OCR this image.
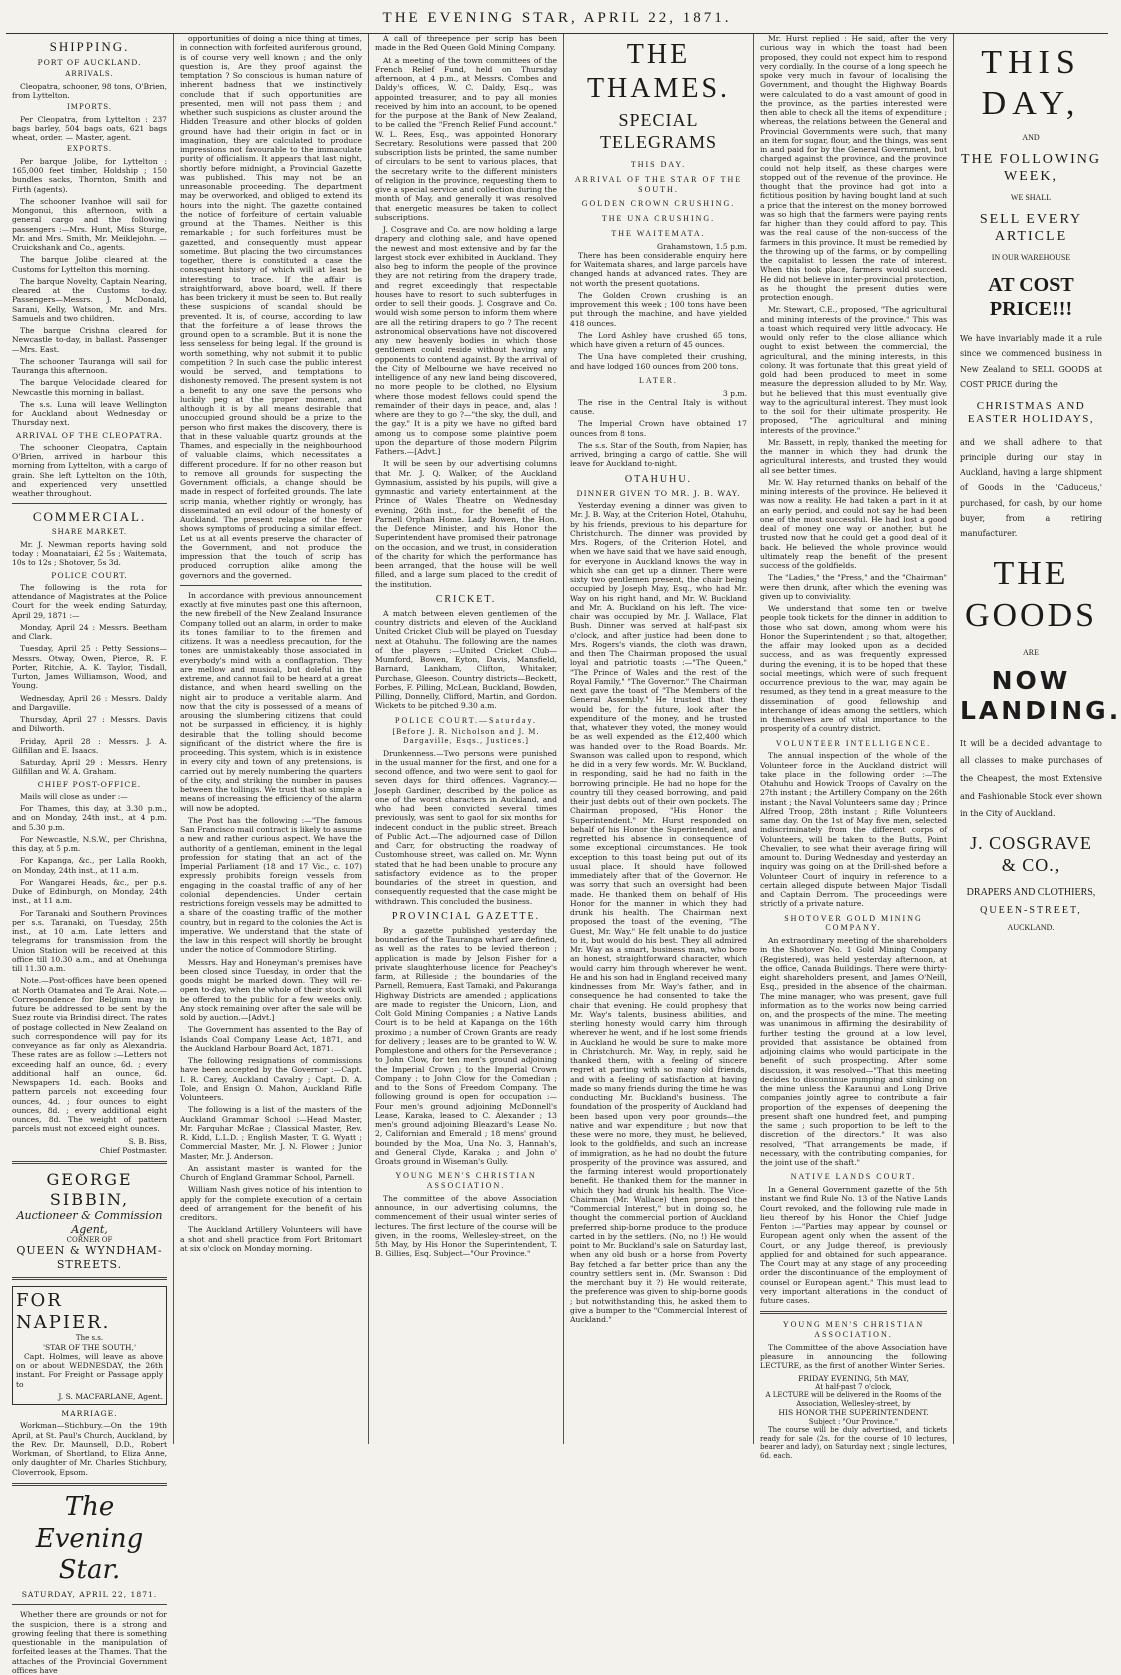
THE EVENING STAR, APRIL 22, 1871.
SHIPPING.
PORT OF AUCKLAND.
ARRIVALS.

Cleopatra, schooner, 98 tons, O'Brien, from Lyttelton.

IMPORTS.

Per Cleopatra, from Lyttelton : 237 bags barley, 504 bags oats, 621 bags wheat, order. — Master, agent.

EXPORTS.

Per barque Jolibe, for Lyttelton : 165,000 feet timber, Holdship ; 150 bundles sacks, Thornton, Smith and Firth (agents).

The schooner Ivanhoe will sail for Mongonui, this afternoon, with a general cargo and the following passengers :—Mrs. Hunt, Miss Sturge, Mr. and Mrs. Smith, Mr. Meiklejohn. —Cruickshank and Co., agents.

The barque Jolibe cleared at the Customs for Lyttelton this morning.

The barque Novelty, Captain Nearing, cleared at the Customs to-day. Passengers—Messrs. J. McDonald, Sarani, Kelly, Watson, Mr. and Mrs. Samuels and two children.

The barque Crishna cleared for Newcastle to-day, in ballast. Passenger—Mrs. East.

The schooner Tauranga will sail for Tauranga this afternoon.

The barque Velocidade cleared for Newcastle this morning in ballast.

The s.s. Luna will leave Wellington for Auckland about Wednesday or Thursday next.

ARRIVAL OF THE CLEOPATRA.

The schooner Cleopatra, Captain O'Brien, arrived in harbour this morning from Lyttelton, with a cargo of grain. She left Lyttelton on the 10th, and experienced very unsettled weather throughout.

COMMERCIAL.
SHARE MARKET.

Mr. J. Newman reports having sold today : Moanataiari, £2 5s ; Waitemata, 10s to 12s ; Shotover, 5s 3d.

POLICE COURT.

The following is the rota for attendance of Magistrates at the Police Court for the week ending Saturday, April 29, 1871 :—

Monday, April 24 : Messrs. Beetham and Clark.

Tuesday, April 25 : Petty Sessions—Messrs. Otway, Owen, Pierce, R. F. Porter, Ritchie, A. K. Taylor, Tisdall, Turton, James Williamson, Wood, and Young.

Wednesday, April 26 : Messrs. Daldy and Dargaville.

Thursday, April 27 : Messrs. Davis and Dilworth.

Friday, April 28 : Messrs. J. A. Gilfillan and E. Isaacs.

Saturday, April 29 : Messrs. Henry Gilfillan and W. A. Graham.

CHIEF POST-OFFICE.

Mails will close as under :—

For Thames, this day, at 3.30 p.m., and on Monday, 24th inst., at 4 p.m. and 5.30 p.m.

For Newcastle, N.S.W., per Chrishna, this day, at 5 p.m.

For Kapanga, &c., per Lalla Rookh, on Monday, 24th inst., at 11 a.m.

For Wangarei Heads, &c., per p.s. Duke of Edinburgh, on Monday, 24th inst., at 11 a.m.

For Taranaki and Southern Provinces per s.s. Taranaki, on Tuesday, 25th inst., at 10 a.m. Late letters and telegrams for transmission from the Union Station will be received at this office till 10.30 a.m., and at Onehunga till 11.30 a.m.

Note.—Post-offices have been opened at North Otamatea and Te Arai. Note.—Correspondence for Belgium may in future be addressed to be sent by the Suez route via Brindisi direct. The rates of postage collected in New Zealand on such correspondence will pay for its conveyance as far only as Alexandria. These rates are as follow :—Letters not exceeding half an ounce, 6d. ; every additional half an ounce, 6d. Newspapers 1d. each. Books and pattern parcels not exceeding four ounces, 4d. ; four ounces to eight ounces, 8d. ; every additional eight ounces, 8d. The weight of pattern parcels must not exceed eight ounces.

S. B. Biss,
Chief Postmaster.
GEORGE SIBBIN,
Auctioneer & Commission Agent,
CORNER OF
QUEEN & WYNDHAM-STREETS.
FOR NAPIER.
The s.s.
'STAR OF THE SOUTH,'

Capt. Holmes, will leave as above on or about WEDNESDAY, the 26th instant. For Freight or Passage apply to

J. S. MACFARLANE, Agent.
MARRIAGE.

Workman—Stichbury.—On the 19th April, at St. Paul's Church, Auckland, by the Rev. Dr. Maunsell, D.D., Robert Workman, of Shortland, to Eliza Anne, only daughter of Mr. Charles Stichbury, Cloverrook, Epsom.

The Evening Star.
SATURDAY, APRIL 22, 1871.

Whether there are grounds or not for the suspicion, there is a strong and growing feeling that there is something questionable in the manipulation of forfeited leases at the Thames. That the attaches of the Provincial Government offices have

opportunities of doing a nice thing at times, in connection with forfeited auriferous ground, is of course very well known ; and the only question is, Are they proof against the temptation ? So conscious is human nature of inherent badness that we instinctively conclude that if such opportunities are presented, men will not pass them ; and whether such suspicions as cluster around the Hidden Treasure and other blocks of golden ground have had their origin in fact or in imagination, they are calculated to produce impressions not favourable to the immaculate purity of officialism. It appears that last night, shortly before midnight, a Provincial Gazette was published. This may not be an unreasonable proceeding. The department may be overworked, and obliged to extend its hours into the night. The gazette contained the notice of forfeiture of certain valuable ground at the Thames. Neither is this remarkable ; for such forfeitures must be gazetted, and consequently must appear sometime. But placing the two circumstances together, there is constituted a case the consequent history of which will at least be interesting to trace. If the affair is straightforward, above board, well. If there has been trickery it must be seen to. But really these suspicions of scandal should be prevented. It is, of course, according to law that the forfeiture a of lease throws the ground open to a scramble. But it is none the less senseless for being legal. If the ground is worth something, why not submit it to public competition ? In such case the public interest would be served, and temptations to dishonesty removed. The present system is not a benefit to any one save the persons who luckily peg at the proper moment, and although it is by all means desirable that unoccupied ground should be a prize to the person who first makes the discovery, there is that in these valuable quartz grounds at the Thames, and especially in the neighbourhood of valuable claims, which necessitates a different procedure. If for no other reason but to remove all grounds for suspecting the Government officials, a change should be made in respect of forfeited grounds. The late scrip mania, whether rightly or wrongly, has disseminated an evil odour of the honesty of Auckland. The present relapse of the fever shows symptoms of producing a similar effect. Let us at all events preserve the character of the Government, and not produce the impression that the touch of scrip has produced corruption alike among the governors and the governed.

In accordance with previous announcement exactly at five minutes past one this afternoon, the new firebell of the New Zealand Insurance Company tolled out an alarm, in order to make its tones familiar to to the firemen and citizens. It was a needless precaution, for the tones are unmistakeably those associated in everybody's mind with a conflagration. They are mellow and musical, but doleful in the extreme, and cannot fail to be heard at a great distance, and when heard swelling on the night air to produce a veritable alarm. And now that the city is possessed of a means of arousing the slumbering citizens that could not be surpassed in efficiency, it is highly desirable that the tolling should become significant of the district where the fire is proceeding. This system, which is in existence in every city and town of any pretensions, is carried out by merely numbering the quarters of the city, and striking the number in pauses between the tollings. We trust that so simple a means of increasing the efficiency of the alarm will now be adopted.

The Post has the following :—"The famous San Francisco mail contract is likely to assume a new and rather curious aspect. We have the authority of a gentleman, eminent in the legal profession for stating that an act of the Imperial Parliament (18 and 17 Vic., c. 107) expressly prohibits foreign vessels from engaging in the coastal traffic of any of her colonial dependencies. Under certain restrictions foreign vessels may be admitted to a share of the coasting traffic of the mother country, but in regard to the colonies the Act is imperative. We understand that the state of the law in this respect will shortly be brought under the notice of Commodore Stirling.

Messrs. Hay and Honeyman's premises have been closed since Tuesday, in order that the goods might be marked down. They will re-open to-day, when the whole of their stock will be offered to the public for a few weeks only. Any stock remaining over after the sale will be sold by auction.—[Advt.]

The Government has assented to the Bay of Islands Coal Company Lease Act, 1871, and the Auckland Harbour Board Act, 1871.

The following resignations of commissions have been accepted by the Governor :—Capt. I. R. Carey, Auckland Cavalry ; Capt. D. A. Tole, and Ensign O. Mahon, Auckland Rifle Volunteers.

The following is a list of the masters of the Auckland Grammar School :—Head Master, Mr. Farquhar McRae ; Classical Master, Rev. R. Kidd, L.L.D. ; English Master, T. G. Wyatt ; Commercial Master, Mr. J. N. Flower ; Junior Master, Mr. J. Anderson.

An assistant master is wanted for the Church of England Grammar School, Parnell.

William Nash gives notice of his intention to apply for the complete execution of a certain deed of arrangement for the benefit of his creditors.

The Auckland Artillery Volunteers will have a shot and shell practice from Fort Britomart at six o'clock on Monday morning.

A call of threepence per scrip has been made in the Red Queen Gold Mining Company.

At a meeting of the town committees of the French Relief Fund, held on Thursday afternoon, at 4 p.m., at Messrs. Combes and Daldy's offices, W. C. Daldy, Esq., was appointed treasurer, and to pay all monies received by him into an account, to be opened for the purpose at the Bank of New Zealand, to be called the "French Relief Fund account." W. L. Rees, Esq., was appointed Honorary Secretary. Resolutions were passed that 200 subscription lists be printed, the same number of circulars to be sent to various places, that the secretary write to the different ministers of religion in the province, requesting them to give a special service and collection during the month of May, and generally it was resolved that energetic measures be taken to collect subscriptions.

J. Cosgrave and Co. are now holding a large drapery and clothing sale, and have opened the newest and most extensive and by far the largest stock ever exhibited in Auckland. They also beg to inform the people of the province they are not retiring from the drapery trade, and regret exceedingly that respectable houses have to resort to such subterfuges in order to sell their goods. J. Cosgrave and Co. would wish some person to inform them where are all the retiring drapers to go ? The recent astronomical observations have not discovered any new heavenly bodies in which those gentlemen could reside without having any opponents to contend against. By the arrival of the City of Melbourne we have received no intelligence of any new land being discovered, no more people to be clothed, no Elysium where those modest fellows could spend the remainder of their days in peace, and, alas ! where are they to go ?—"the sky, the dull, and the gay." It is a pity we have no gifted bard among us to compose some plaintive poem upon the departure of those modern Pilgrim Fathers.—[Advt.]

It will be seen by our advertising columns that Mr. J. Q. Walker, of the Auckland Gymnasium, assisted by his pupils, will give a gymnastic and variety entertainment at the Prince of Wales Theatre on Wednesday evening, 26th inst., for the benefit of the Parnell Orphan Home. Lady Bowen, the Hon. the Defence Minister, and his Honor the Superintendent have promised their patronage on the occasion, and we trust, in consideration of the charity for which the performance has been arranged, that the house will be well filled, and a large sum placed to the credit of the institution.

CRICKET.

A match between eleven gentlemen of the country districts and eleven of the Auckland United Cricket Club will be played on Tuesday next at Otahuhu. The following are the names of the players :—United Cricket Club—Mumford, Bowen, Eyton, Davis, Mansfield, Barnard, Lankham, Clifton, Whitaker, Purchase, Gleeson. Country districts—Beckett, Forbes, F. Pilling, McLean, Buckland, Bowden, Pilling, Donnelly, Clifford, Martin, and Gordon. Wickets to be pitched 9.30 a.m.

POLICE COURT.—Saturday.
[Before J. R. Nicholson and J. M. Dargaville, Esqs., Justices.]

Drunkenness.—Two persons were punished in the usual manner for the first, and one for a second offence, and two were sent to gaol for seven days for third offences. Vagrancy.—Joseph Gardiner, described by the police as one of the worst characters in Auckland, and who had been convicted several times previously, was sent to gaol for six months for indecent conduct in the public street. Breach of Public Act.—The adjourned case of Dillon and Carr, for obstructing the roadway of Customhouse street, was called on. Mr. Wynn stated that he had been unable to procure any satisfactory evidence as to the proper boundaries of the street in question, and consequently requested that the case might be withdrawn. This concluded the business.

PROVINCIAL GAZETTE.

By a gazette published yesterday the boundaries of the Tauranga wharf are defined, as well as the rates to be levied thereon ; application is made by Jelson Fisher for a private slaughterhouse licence for Peachey's farm, at Rilleside ; the boundaries of the Parnell, Remuera, East Tamaki, and Pakuranga Highway Districts are amended ; applications are made to register the Unicorn, Lion, and Colt Gold Mining Companies ; a Native Lands Court is to be held at Kapanga on the 16th proximo ; a number of Crown Grants are ready for delivery ; leases are to be granted to W. W. Pomplestone and others for the Perseverance ; to John Clow, for ten men's ground adjoining the Imperial Crown ; to the Imperial Crown Company ; to John Clow for the Comedian ; and to the Sons of Freedom Company. The following ground is open for occupation :—Four men's ground adjoining McDonnell's Lease, Karaka, leased to C. Alexander ; 13 men's ground adjoining Bleazard's Lease No. 2, Californian and Emerald ; 18 mens' ground bounded by the Moa, Una No. 3, Hannah's, and General Clyde, Karaka ; and John o' Groats ground in Wiseman's Gully.

YOUNG MEN'S CHRISTIAN ASSOCIATION.

The committee of the above Association announce, in our advertising columns, the commencement of their usual winter series of lectures. The first lecture of the course will be given, in the rooms, Wellesley-street, on the 5th May, by His Honor the Superintendent, T. B. Gillies, Esq. Subject—"Our Province."

THE THAMES.
SPECIAL TELEGRAMS
THIS DAY.
ARRIVAL OF THE STAR OF THE SOUTH.
GOLDEN CROWN CRUSHING.
THE UNA CRUSHING.
THE WAITEMATA.
Grahamstown, 1.5 p.m.

There has been considerable enquiry here for Waitemata shares, and large parcels have changed hands at advanced rates. They are not worth the present quotations.

The Golden Crown crushing is an improvement this week ; 100 tons have been put through the machine, and have yielded 418 ounces.

The Lord Ashley have crushed 65 tons, which have given a return of 45 ounces.

The Una have completed their crushing, and have lodged 160 ounces from 200 tons.

LATER.
3 p.m.

The rise in the Central Italy is without cause.

The Imperial Crown have obtained 17 ounces from 8 tons.

The s.s. Star of the South, from Napier, has arrived, bringing a cargo of cattle. She will leave for Auckland to-night.

OTAHUHU.
DINNER GIVEN TO MR. J. B. WAY.

Yesterday evening a dinner was given to Mr. J. B. Way, at the Criterion Hotel, Otahuhu, by his friends, previous to his departure for Christchurch. The dinner was provided by Mrs. Rogers, of the Criterion Hotel, and when we have said that we have said enough, for everyone in Auckland knows the way in which she can get up a dinner. There were sixty two gentlemen present, the chair being occupied by Joseph May, Esq., who had Mr. Way on his right hand, and Mr. W. Buckland and Mr. A. Buckland on his left. The vice-chair was occupied by Mr. J. Wallace, Flat Bush. Dinner was served at half-past six o'clock, and after justice had been done to Mrs. Rogers's viands, the cloth was drawn, and then The Chairman proposed the usual loyal and patriotic toasts :—"The Queen," "The Prince of Wales and the rest of the Royal Family," "The Governor." The Chairman next gave the toast of "The Members of the General Assembly." He trusted that they would be, for the future, look after the expenditure of the money, and he trusted that, whatever they voted, the money would be as well expended as the £12,400 which was handed over to the Road Boards. Mr. Swanson was called upon to respond, which he did in a very few words. Mr. W. Buckland, in responding, said he had no faith in the borrowing principle. He had no hope for the country till they ceased borrowing, and paid their just debts out of their own pockets. The Chairman proposed, "His Honor the Superintendent." Mr. Hurst responded on behalf of his Honor the Superintendent, and regretted his absence in consequence of some exceptional circumstances. He took exception to this toast being put out of its usual place. It should have followed immediately after that of the Governor. He was sorry that such an oversight had been made. He thanked them on behalf of His Honor for the manner in which they had drunk his health. The Chairman next proposed the toast of the evening, "The Guest, Mr. Way." He felt unable to do justice to it, but would do his best. They all admired Mr. Way as a smart, business man, who bore an honest, straightforward character, which would carry him through wherever he went. He and his son had in England received many kindnesses from Mr. Way's father, and in consequence he had consented to take the chair that evening. He could prophesy that Mr. Way's talents, business abilities, and sterling honesty would carry him through wherever he went, and if he lost some friends in Auckland he would be sure to make more in Christchurch. Mr. Way, in reply, said he thanked them, with a feeling of sincere regret at parting with so many old friends, and with a feeling of satisfaction at having made so many friends during the time he was conducting Mr. Buckland's business. The foundation of the prosperity of Auckland had been based upon very poor grounds—the native and war expenditure ; but now that these were no more, they must, he believed, look to the goldfields, and such an increase of immigration, as he had no doubt the future prosperity of the province was assured, and the farming interest would proportionately benefit. He thanked them for the manner in which they had drunk his health. The Vice-Chairman (Mr. Wallace) then proposed the "Commercial Interest," but in doing so, he thought the commercial portion of Auckland preferred ship-borne produce to the produce carted in by the settlers. (No, no !) He would point to Mr. Buckland's sale on Saturday last, when any old bush or a horse from Poverty Bay fetched a far better price than any the country settlers sent in. (Mr. Swanson : Did the merchant buy it ?) He would reiterate, the preference was given to ship-borne goods ; but notwithstanding this, he asked them to give a bumper to the "Commercial Interest of Auckland."

Mr. Hurst replied : He said, after the very curious way in which the toast had been proposed, they could not expect him to respond very cordially. In the course of a long speech he spoke very much in favour of localising the Government, and thought the Highway Boards were calculated to do a vast amount of good in the province, as the parties interested were then able to check all the items of expenditure ; whereas, the relations between the General and Provincial Governments were such, that many an item for sugar, flour, and the things, was sent in and paid for by the General Government, but charged against the province, and the province could not help itself, as these charges were stopped out of the revenue of the province. He thought that the province had got into a fictitious position by having bought land at such a price that the interest on the money borrowed was so high that the farmers were paying rents far higher than they could afford to pay. This was the real cause of the non-success of the farmers in this province. It must be remedied by the throwing up of the farms, or by compelling the capitalist to lessen the rate of interest. When this took place, farmers would succeed. He did not believe in inter-provincial protection, as he thought the present duties were protection enough.

Mr. Stewart, C.E., proposed, "The agricultural and mining interests of the province." This was a toast which required very little advocacy. He would only refer to the close alliance which ought to exist between the commercial, the agricultural, and the mining interests, in this colony. It was fortunate that this great yield of gold had been produced to meet in some measure the depression alluded to by Mr. Way, but he believed that this must eventually give way to the agricultural interest. They must look to the soil for their ultimate prosperity. He proposed, "The agricultural and mining interests of the province."

Mr. Bassett, in reply, thanked the meeting for the manner in which they had drunk the agricultural interests, and trusted they would all see better times.

Mr. W. Hay returned thanks on behalf of the mining interests of the province. He believed it was now a reality. He had taken a part in it at an early period, and could not say he had been one of the most successful. He had lost a good deal of money one way or another, but he trusted now that he could get a good deal of it back. He believed the whole province would ultimately reap the benefit of the present success of the goldfields.

The "Ladies," the "Press," and the "Chairman" were then drunk, after which the evening was given up to conviviality.

We understand that some ten or twelve people took tickets for the dinner in addition to those who sat down, among whom were his Honor the Superintendent ; so that, altogether, the affair may looked upon as a decided success, and as was frequently expressed during the evening, it is to be hoped that these social meetings, which were of such frequent occurrence previous to the war, may again be resumed, as they tend in a great measure to the dissemination of good fellowship and interchange of ideas among the settlers, which in themselves are of vital importance to the prosperity of a country district.

VOLUNTEER INTELLIGENCE.

The annual inspection of the whole of the Volunteer force in the Auckland district will take place in the following order :—The Otahuhu and Howick Troops of Cavalry on the 27th instant ; the Artillery Company on the 26th instant ; the Naval Volunteers same day ; Prince Alfred Troop, 28th instant ; Rifle Volunteers same day. On the 1st of May five men, selected indiscriminately from the different corps of Volunteers, will be taken to the Butts, Point Chevalier, to see what their average firing will amount to. During Wednesday and yesterday an inquiry was going on at the Drill-shed before a Volunteer Court of inquiry in reference to a certain alleged dispute between Major Tisdall and Captain Derrom. The proceedings were strictly of a private nature.

SHOTOVER GOLD MINING COMPANY.

An extraordinary meeting of the shareholders in the Shotover No. 1 Gold Mining Company (Registered), was held yesterday afternoon, at the office, Canada Buildings. There were thirty-eight shareholders present, and James O'Neill, Esq., presided in the absence of the chairman. The mine manager, who was present, gave full information as to the works now being carried on, and the prospects of the mine. The meeting was unanimous in affirming the desirability of further testing the ground at a low level, provided that assistance be obtained from adjoining claims who would participate in the benefit of such prospecting. After some discussion, it was resolved—"That this meeting decides to discontinue pumping and sinking on the mine unless the Karaunui and Long Drive companies jointly agree to contribute a fair proportion of the expenses of deepening the present shaft one hundred feet, and pumping the same ; such proportion to be left to the discretion of the directors." It was also resolved, "That arrangements be made, if necessary, with the contributing companies, for the joint use of the shaft."

NATIVE LANDS COURT.

In a General Government gazette of the 5th instant we find Rule No. 13 of the Native Lands Court revoked, and the following rule made in lieu thereof by his Honor the Chief Judge Fenton :—"Parties may appear by counsel or European agent only when the assent of the Court, or any Judge thereof, is previously applied for and obtained for such appearance. The Court may at any stage of any proceeding order the discontinuance of the employment of counsel or European agent." This must lead to very important alterations in the conduct of future cases.

YOUNG MEN'S CHRISTIAN ASSOCIATION.

The Committee of the above Association have pleasure in announcing the following LECTURE, as the first of another Winter Series.

FRIDAY EVENING, 5th MAY,
At half-past 7 o'clock,
A LECTURE will be delivered in the Rooms of the Association, Wellesley-street, by
HIS HONOR THE SUPERINTENDENT.
Subject : "Our Province."

The course will be duly advertised, and tickets ready for sale (2s. for the course of 10 lectures, bearer and lady), on Saturday next ; single lectures, 6d. each.

THIS DAY,
AND
THE FOLLOWING WEEK,
WE SHALL
SELL EVERY ARTICLE
IN OUR WAREHOUSE
AT COST PRICE!!!

We have invariably made it a rule since we commenced business in New Zealand to SELL GOODS at COST PRICE during the

CHRISTMAS AND EASTER HOLIDAYS,

and we shall adhere to that principle during our stay in Auckland, having a large shipment of Goods in the 'Caduceus,' purchased, for cash, by our home buyer, from a retiring manufacturer.

THE GOODS
ARE
NOW LANDING.

It will be a decided advantage to all classes to make purchases of the Cheapest, the most Extensive and Fashionable Stock ever shown in the City of Auckland.

J. COSGRAVE & CO.,
DRAPERS AND CLOTHIERS,
QUEEN-STREET,
AUCKLAND.
